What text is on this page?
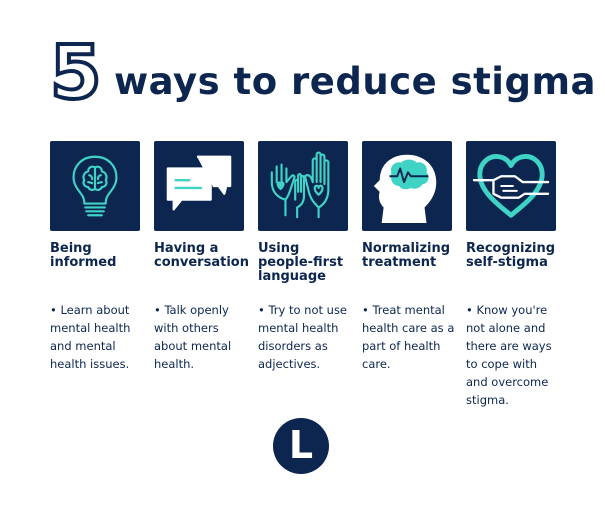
5 ways to reduce stigma
Being informed
• Learn about mental health and mental health issues.
Having a conversation
• Talk openly with others about mental health.
Using people-first language
• Try to not use mental health disorders as adjectives.
Normalizing treatment
• Treat mental health care as a part of health care.
Recognizing self-stigma
• Know you're not alone and there are ways to cope with and overcome stigma.
L
